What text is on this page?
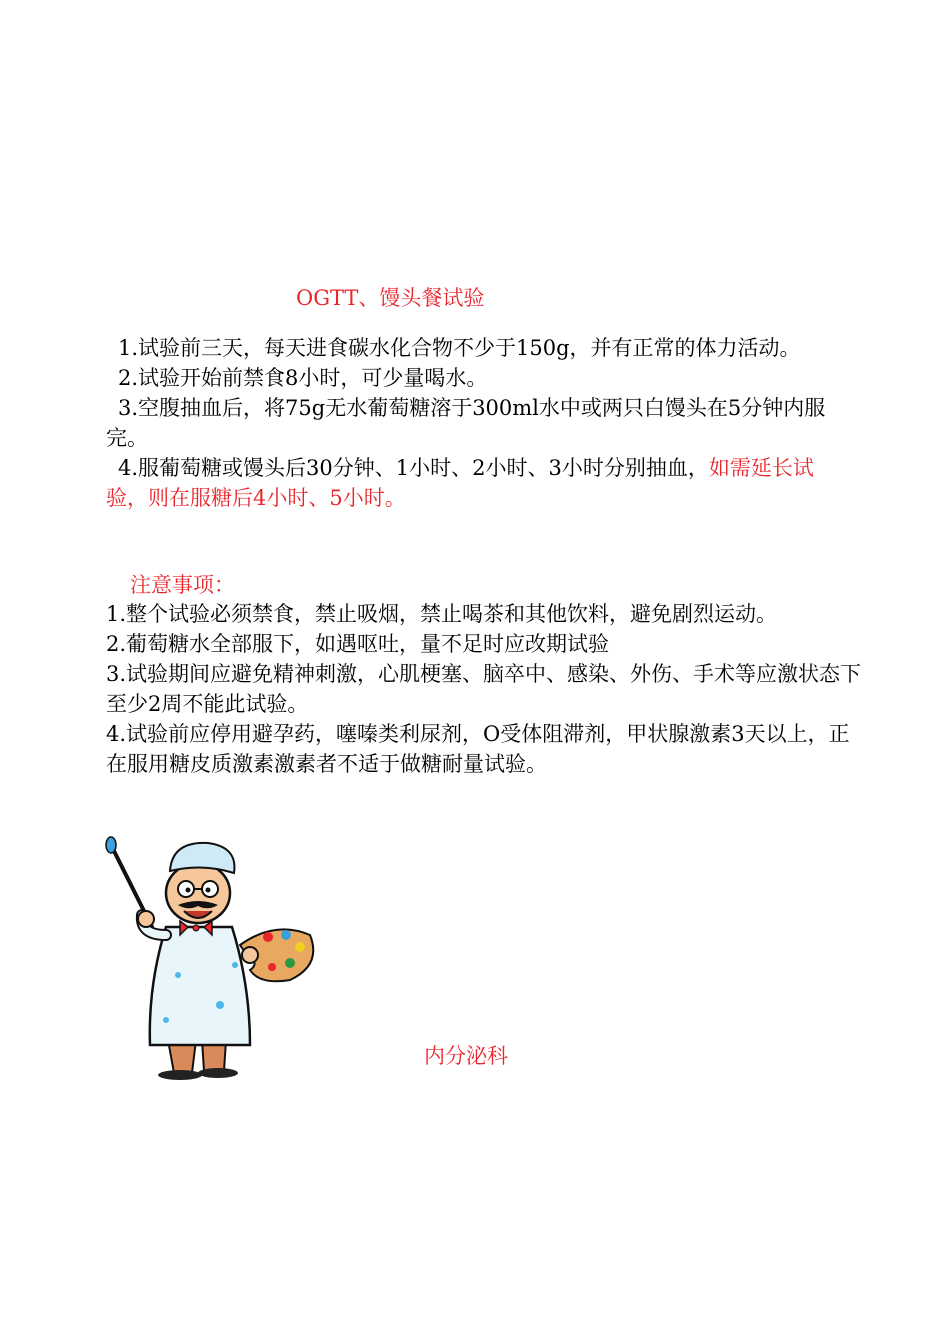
OGTT、馒头餐试验

1.试验前三天，每天进食碳水化合物不少于150g，并有正常的体力活动。

2.试验开始前禁食8小时，可少量喝水。

3.空腹抽血后，将75g无水葡萄糖溶于300ml水中或两只白馒头在5分钟内服完。

4.服葡萄糖或馒头后30分钟、1小时、2小时、3小时分别抽血，如需延长试验，则在服糖后4小时、5小时。

注意事项：

1.整个试验必须禁食，禁止吸烟，禁止喝茶和其他饮料，避免剧烈运动。

2.葡萄糖水全部服下，如遇呕吐，量不足时应改期试验

3.试验期间应避免精神刺激，心肌梗塞、脑卒中、感染、外伤、手术等应激状态下至少2周不能此试验。

4.试验前应停用避孕药，噻嗪类利尿剂，O受体阻滞剂，甲状腺激素3天以上，正在服用糖皮质激素激素者不适于做糖耐量试验。

内分泌科
